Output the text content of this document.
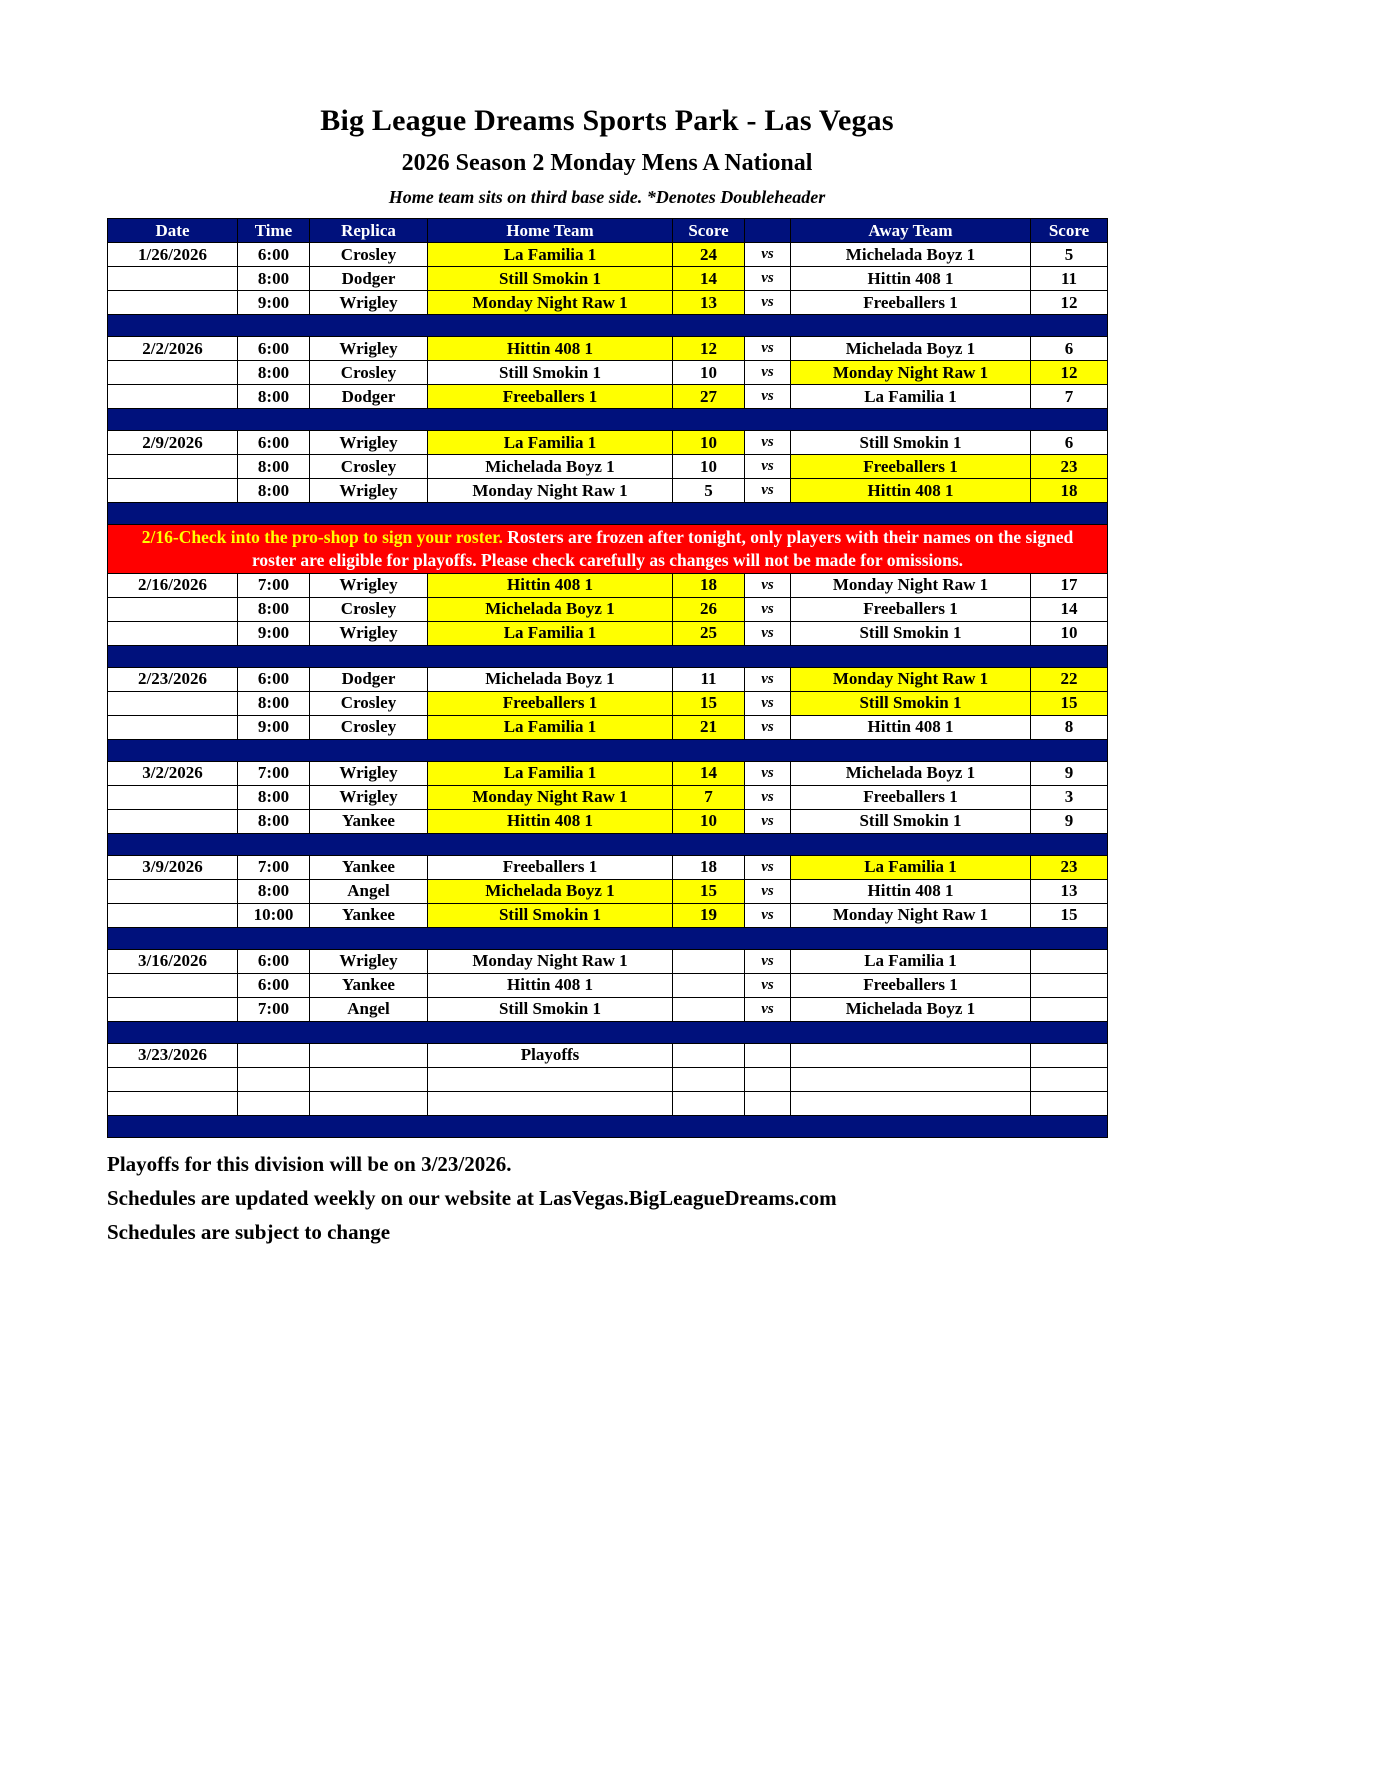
Big League Dreams Sports Park - Las Vegas
2026 Season 2 Monday Mens A National

Home team sits on third base side. *Denotes Doubleheader

Date	Time	Replica	Home Team	Score		Away Team	Score
1/26/2026	6:00	Crosley	La Familia 1	24	vs	Michelada Boyz 1	5
	8:00	Dodger	Still Smokin 1	14	vs	Hittin 408 1	11
	9:00	Wrigley	Monday Night Raw 1	13	vs	Freeballers 1	12

2/2/2026	6:00	Wrigley	Hittin 408 1	12	vs	Michelada Boyz 1	6
	8:00	Crosley	Still Smokin 1	10	vs	Monday Night Raw 1	12
	8:00	Dodger	Freeballers 1	27	vs	La Familia 1	7

2/9/2026	6:00	Wrigley	La Familia 1	10	vs	Still Smokin 1	6
	8:00	Crosley	Michelada Boyz 1	10	vs	Freeballers 1	23
	8:00	Wrigley	Monday Night Raw 1	5	vs	Hittin 408 1	18

2/16-Check into the pro-shop to sign your roster. Rosters are frozen after tonight, only players with their names on the signed roster are eligible for playoffs. Please check carefully as changes will not be made for omissions.							
2/16/2026	7:00	Wrigley	Hittin 408 1	18	vs	Monday Night Raw 1	17
	8:00	Crosley	Michelada Boyz 1	26	vs	Freeballers 1	14
	9:00	Wrigley	La Familia 1	25	vs	Still Smokin 1	10

2/23/2026	6:00	Dodger	Michelada Boyz 1	11	vs	Monday Night Raw 1	22
	8:00	Crosley	Freeballers 1	15	vs	Still Smokin 1	15
	9:00	Crosley	La Familia 1	21	vs	Hittin 408 1	8

3/2/2026	7:00	Wrigley	La Familia 1	14	vs	Michelada Boyz 1	9
	8:00	Wrigley	Monday Night Raw 1	7	vs	Freeballers 1	3
	8:00	Yankee	Hittin 408 1	10	vs	Still Smokin 1	9

3/9/2026	7:00	Yankee	Freeballers 1	18	vs	La Familia 1	23
	8:00	Angel	Michelada Boyz 1	15	vs	Hittin 408 1	13
	10:00	Yankee	Still Smokin 1	19	vs	Monday Night Raw 1	15

3/16/2026	6:00	Wrigley	Monday Night Raw 1		vs	La Familia 1	
	6:00	Yankee	Hittin 408 1		vs	Freeballers 1	
	7:00	Angel	Still Smokin 1		vs	Michelada Boyz 1	

3/23/2026			Playoffs				

Playoffs for this division will be on 3/23/2026.

Schedules are updated weekly on our website at LasVegas.BigLeagueDreams.com

Schedules are subject to change
